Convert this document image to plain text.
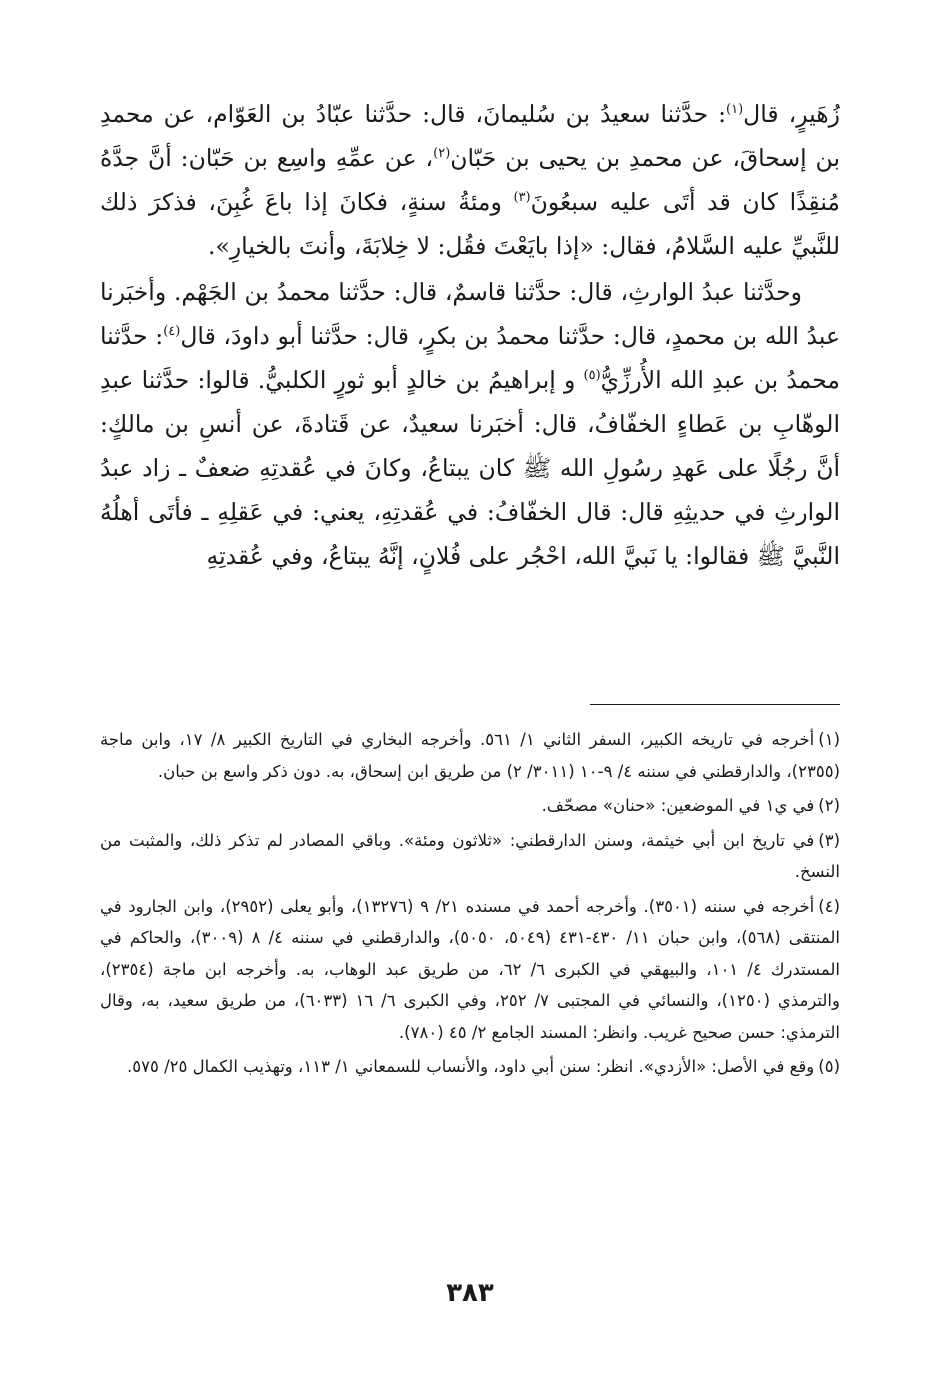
زُهَيرٍ، قال$^{(١)}$: حدَّثنا سعيدُ بن سُليمانَ، قال: حدَّثنا عبّادُ بن العَوّام، عن محمدِ بن إسحاقَ، عن محمدِ بن يحيى بن حَبّان$^{(٢)}$، عن عمِّهِ واسِع بن حَبّان: أنَّ جدَّهُ مُنقِذًا كان قد أتَى عليه سبعُونَ$^{(٣)}$ ومئةُ سنةٍ، فكانَ إذا باعَ غُبِنَ، فذكرَ ذلك للنَّبيِّ عليه السَّلامُ، فقال: «إذا بايَعْتَ فقُل: لا خِلابَةَ، وأنتَ بالخيارِ».

وحدَّثنا عبدُ الوارثِ، قال: حدَّثنا قاسمٌ، قال: حدَّثنا محمدُ بن الجَهْم. وأخبَرنا عبدُ الله بن محمدٍ، قال: حدَّثنا محمدُ بن بكرٍ، قال: حدَّثنا أبو داودَ، قال$^{(٤)}$: حدَّثنا محمدُ بن عبدِ الله الأُرزِّيُّ$^{(٥)}$ و إبراهيمُ بن خالدٍ أبو ثورٍ الكلبيُّ. قالوا: حدَّثنا عبدِ الوهّابِ بن عَطاءٍ الخفّافُ، قال: أخبَرنا سعيدٌ، عن قَتادةَ، عن أنسِ بن مالكٍ: أنَّ رجُلًا على عَهدِ رسُولِ الله ﷺ كان يبتاعُ، وكانَ في عُقدتِهِ ضعفٌ ـ زاد عبدُ الوارثِ في حديثِهِ قال: قال الخفّافُ: في عُقدتِهِ، يعني: في عَقلِهِ ـ فأتَى أهلُهُ النَّبيَّ ﷺ فقالوا: يا نَبيَّ الله، احْجُر على فُلانٍ، إنَّهُ يبتاعُ، وفي عُقدتِهِ

(١)أخرجه في تاريخه الكبير، السفر الثاني ١/ ٥٦١. وأخرجه البخاري في التاريخ الكبير ٨/ ١٧، وابن ماجة (٢٣٥٥)، والدارقطني في سننه ٤/ ٩-١٠ (٣٠١١/ ٢) من طريق ابن إسحاق، به. دون ذكر واسع بن حبان.

(٢)في ي١ في الموضعين: «حنان» مصحّف.

(٣)في تاريخ ابن أبي خيثمة، وسنن الدارقطني: «ثلاثون ومئة». وباقي المصادر لم تذكر ذلك، والمثبت من النسخ.

(٤)أخرجه في سننه (٣٥٠١). وأخرجه أحمد في مسنده ٢١/ ٩ (١٣٢٧٦)، وأبو يعلى (٢٩٥٢)، وابن الجارود في المنتقى (٥٦٨)، وابن حبان ١١/ ٤٣٠-٤٣١ (٥٠٤٩، ٥٠٥٠)، والدارقطني في سننه ٤/ ٨ (٣٠٠٩)، والحاكم في المستدرك ٤/ ١٠١، والبيهقي في الكبرى ٦/ ٦٢، من طريق عبد الوهاب، به. وأخرجه ابن ماجة (٢٣٥٤)، والترمذي (١٢٥٠)، والنسائي في المجتبى ٧/ ٢٥٢، وفي الكبرى ٦/ ١٦ (٦٠٣٣)، من طريق سعيد، به، وقال الترمذي: حسن صحيح غريب. وانظر: المسند الجامع ٢/ ٤٥ (٧٨٠).

(٥)وقع في الأصل: «الأزدي». انظر: سنن أبي داود، والأنساب للسمعاني ١/ ١١٣، وتهذيب الكمال ٢٥/ ٥٧٥.

٣٨٣
